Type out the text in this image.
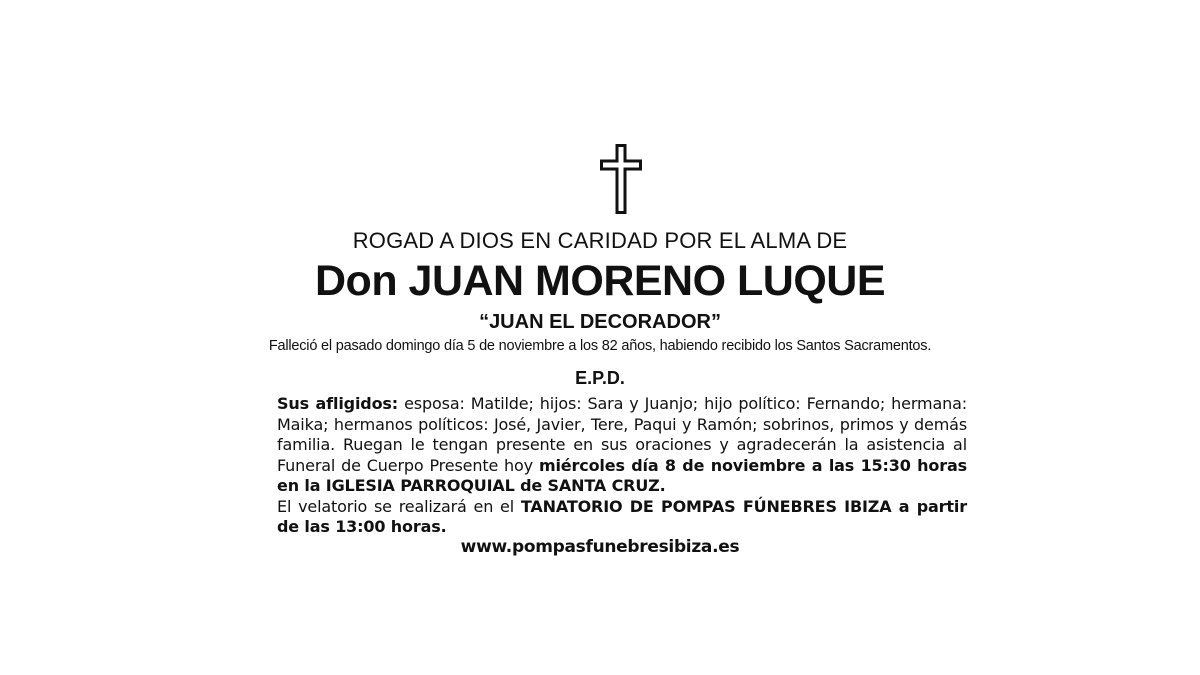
ROGAD A DIOS EN CARIDAD POR EL ALMA DE
Don JUAN MORENO LUQUE
“JUAN EL DECORADOR”
Falleció el pasado domingo día 5 de noviembre a los 82 años, habiendo recibido los Santos Sacramentos.
E.P.D.
Sus afligidos: esposa: Matilde; hijos: Sara y Juanjo; hijo político: Fernando; hermana: Maika; hermanos políticos: José, Javier, Tere, Paqui y Ramón; sobrinos, primos y demás familia. Ruegan le tengan presente en sus oraciones y agradecerán la asistencia al Funeral de Cuerpo Presente hoy miércoles día 8 de noviembre a las 15:30 horas en la IGLESIA PARROQUIAL de SANTA CRUZ.
El velatorio se realizará en el TANATORIO DE POMPAS FÚNEBRES IBIZA a partir de las 13:00 horas.
www.pompasfunebresibiza.es
